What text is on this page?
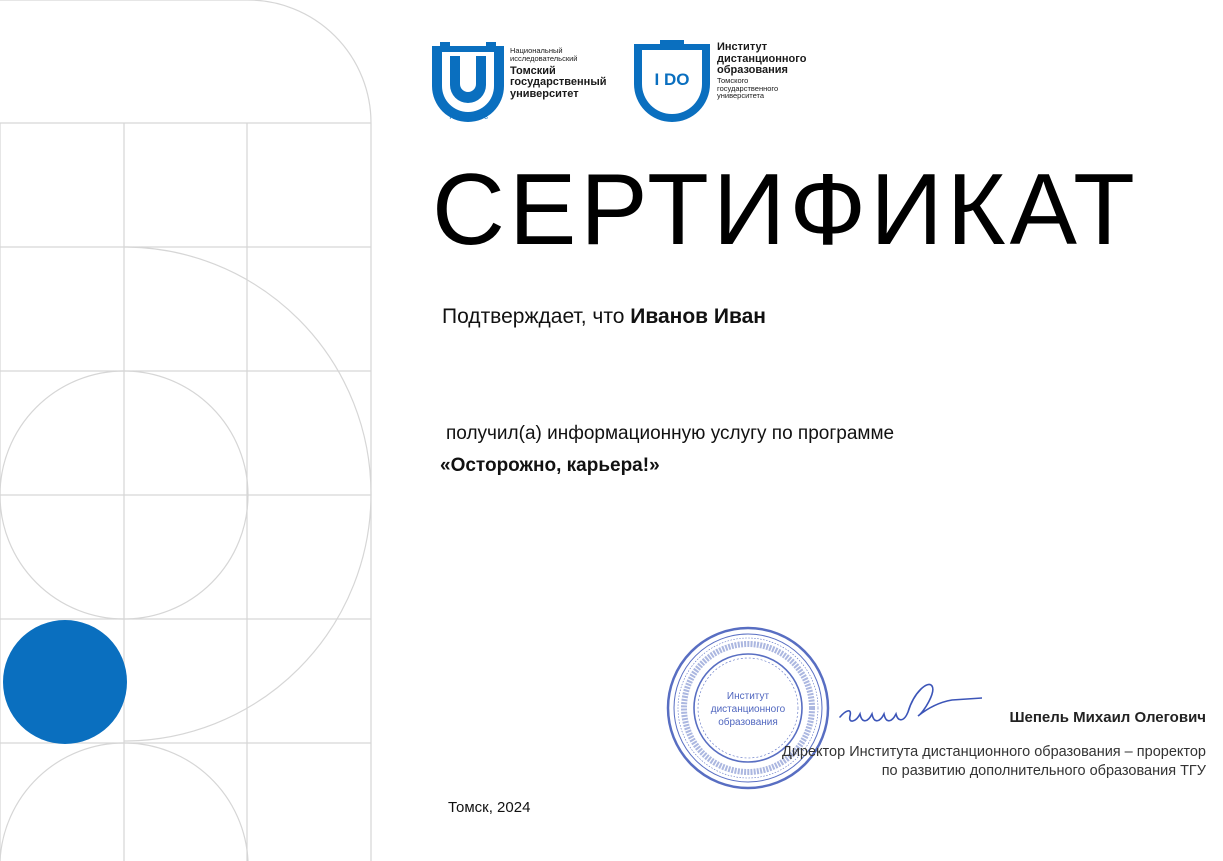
TOMSK·1878
Национальный
исследовательский
Томский
государственный
университет
I DO
Институт
дистанционного
образования
Томского
государственного
университета
СЕРТИФИКАТ
Подтверждает, что Иванов Иван
получил(а) информационную услугу по программе
«Осторожно, карьера!»
Институт
дистанционного
образования	Шепель Михаил Олегович
Директор Института дистанционного образования – проректор
по развитию дополнительного образования ТГУ
Томск, 2024
